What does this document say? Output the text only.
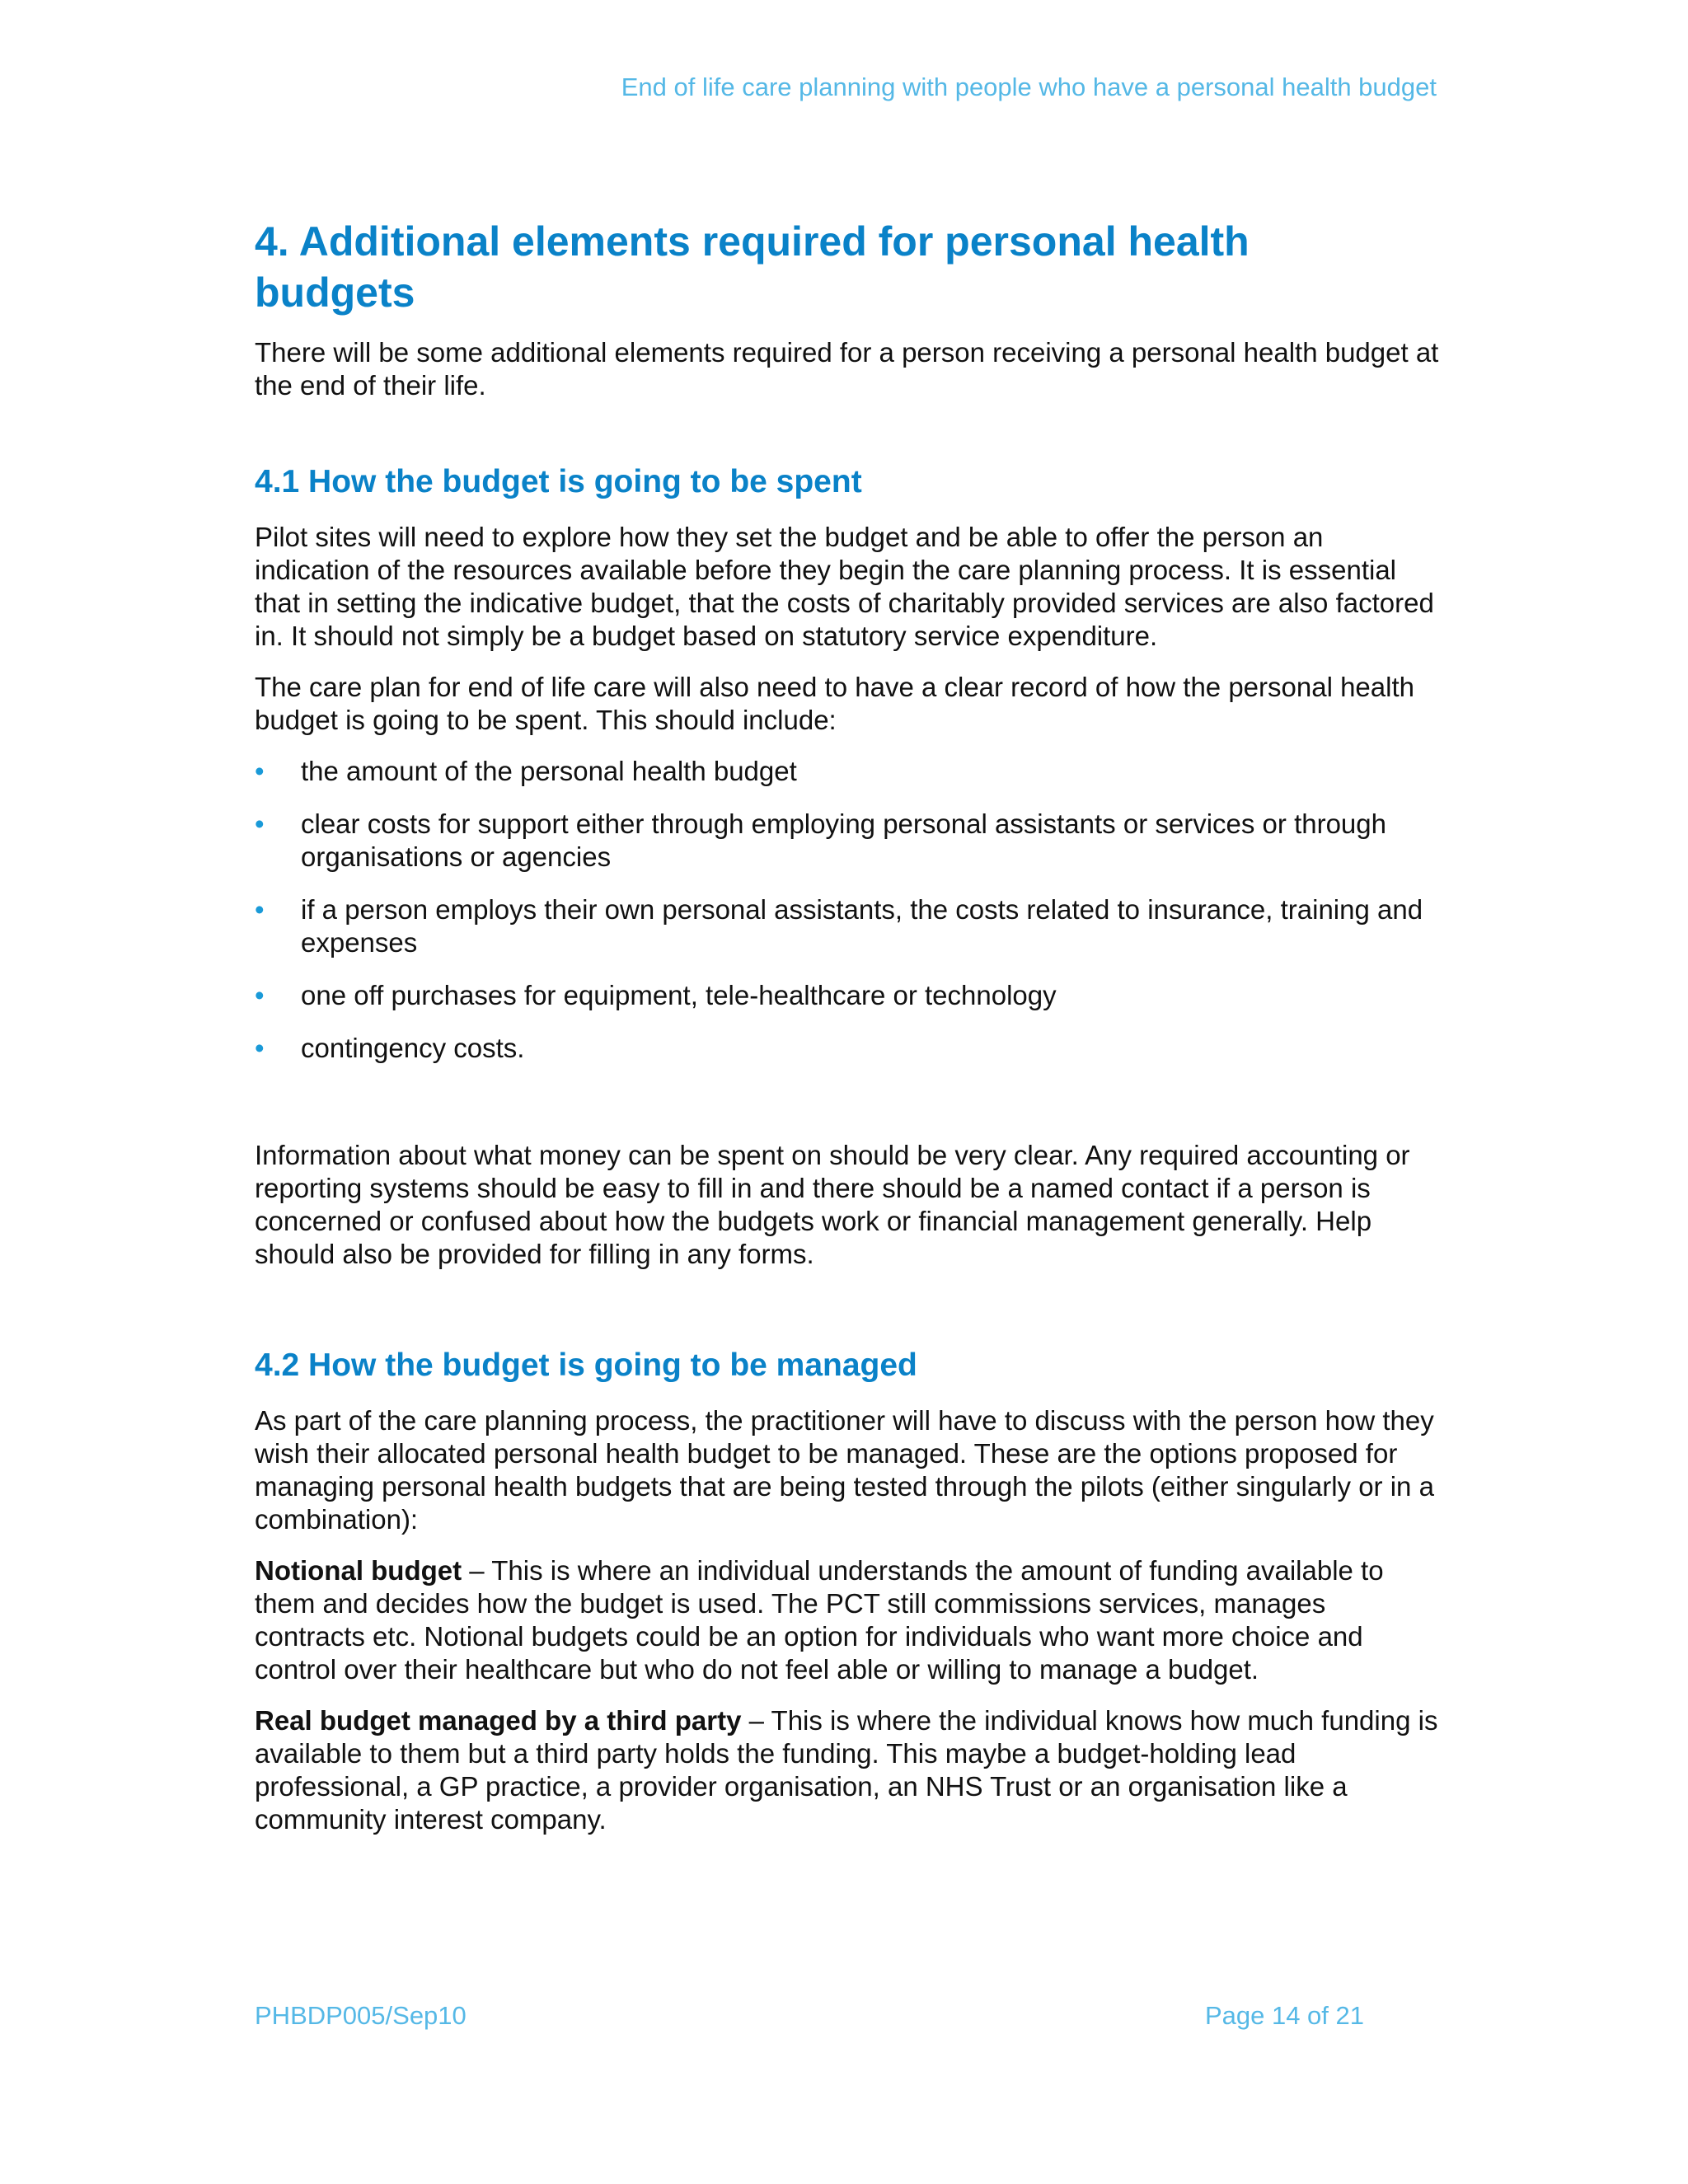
End of life care planning with people who have a personal health budget
4. Additional elements required for personal health budgets

There will be some additional elements required for a person receiving a personal health budget at the end of their life.

4.1 How the budget is going to be spent

Pilot sites will need to explore how they set the budget and be able to offer the person an indication of the resources available before they begin the care planning process. It is essential that in setting the indicative budget, that the costs of charitably provided services are also factored in. It should not simply be a budget based on statutory service expenditure.

The care plan for end of life care will also need to have a clear record of how the personal health budget is going to be spent. This should include:

• the amount of the personal health budget
• clear costs for support either through employing personal assistants or services or through organisations or agencies
• if a person employs their own personal assistants, the costs related to insurance, training and expenses
• one off purchases for equipment, tele-healthcare or technology
• contingency costs.

Information about what money can be spent on should be very clear. Any required accounting or reporting systems should be easy to fill in and there should be a named contact if a person is concerned or confused about how the budgets work or financial management generally. Help should also be provided for filling in any forms.

4.2 How the budget is going to be managed

As part of the care planning process, the practitioner will have to discuss with the person how they wish their allocated personal health budget to be managed. These are the options proposed for managing personal health budgets that are being tested through the pilots (either singularly or in a combination):

Notional budget – This is where an individual understands the amount of funding available to them and decides how the budget is used. The PCT still commissions services, manages contracts etc. Notional budgets could be an option for individuals who want more choice and control over their healthcare but who do not feel able or willing to manage a budget.

Real budget managed by a third party – This is where the individual knows how much funding is available to them but a third party holds the funding. This maybe a budget-holding lead professional, a GP practice, a provider organisation, an NHS Trust or an organisation like a community interest company.

PHBDP005/Sep10	Page 14 of 21
